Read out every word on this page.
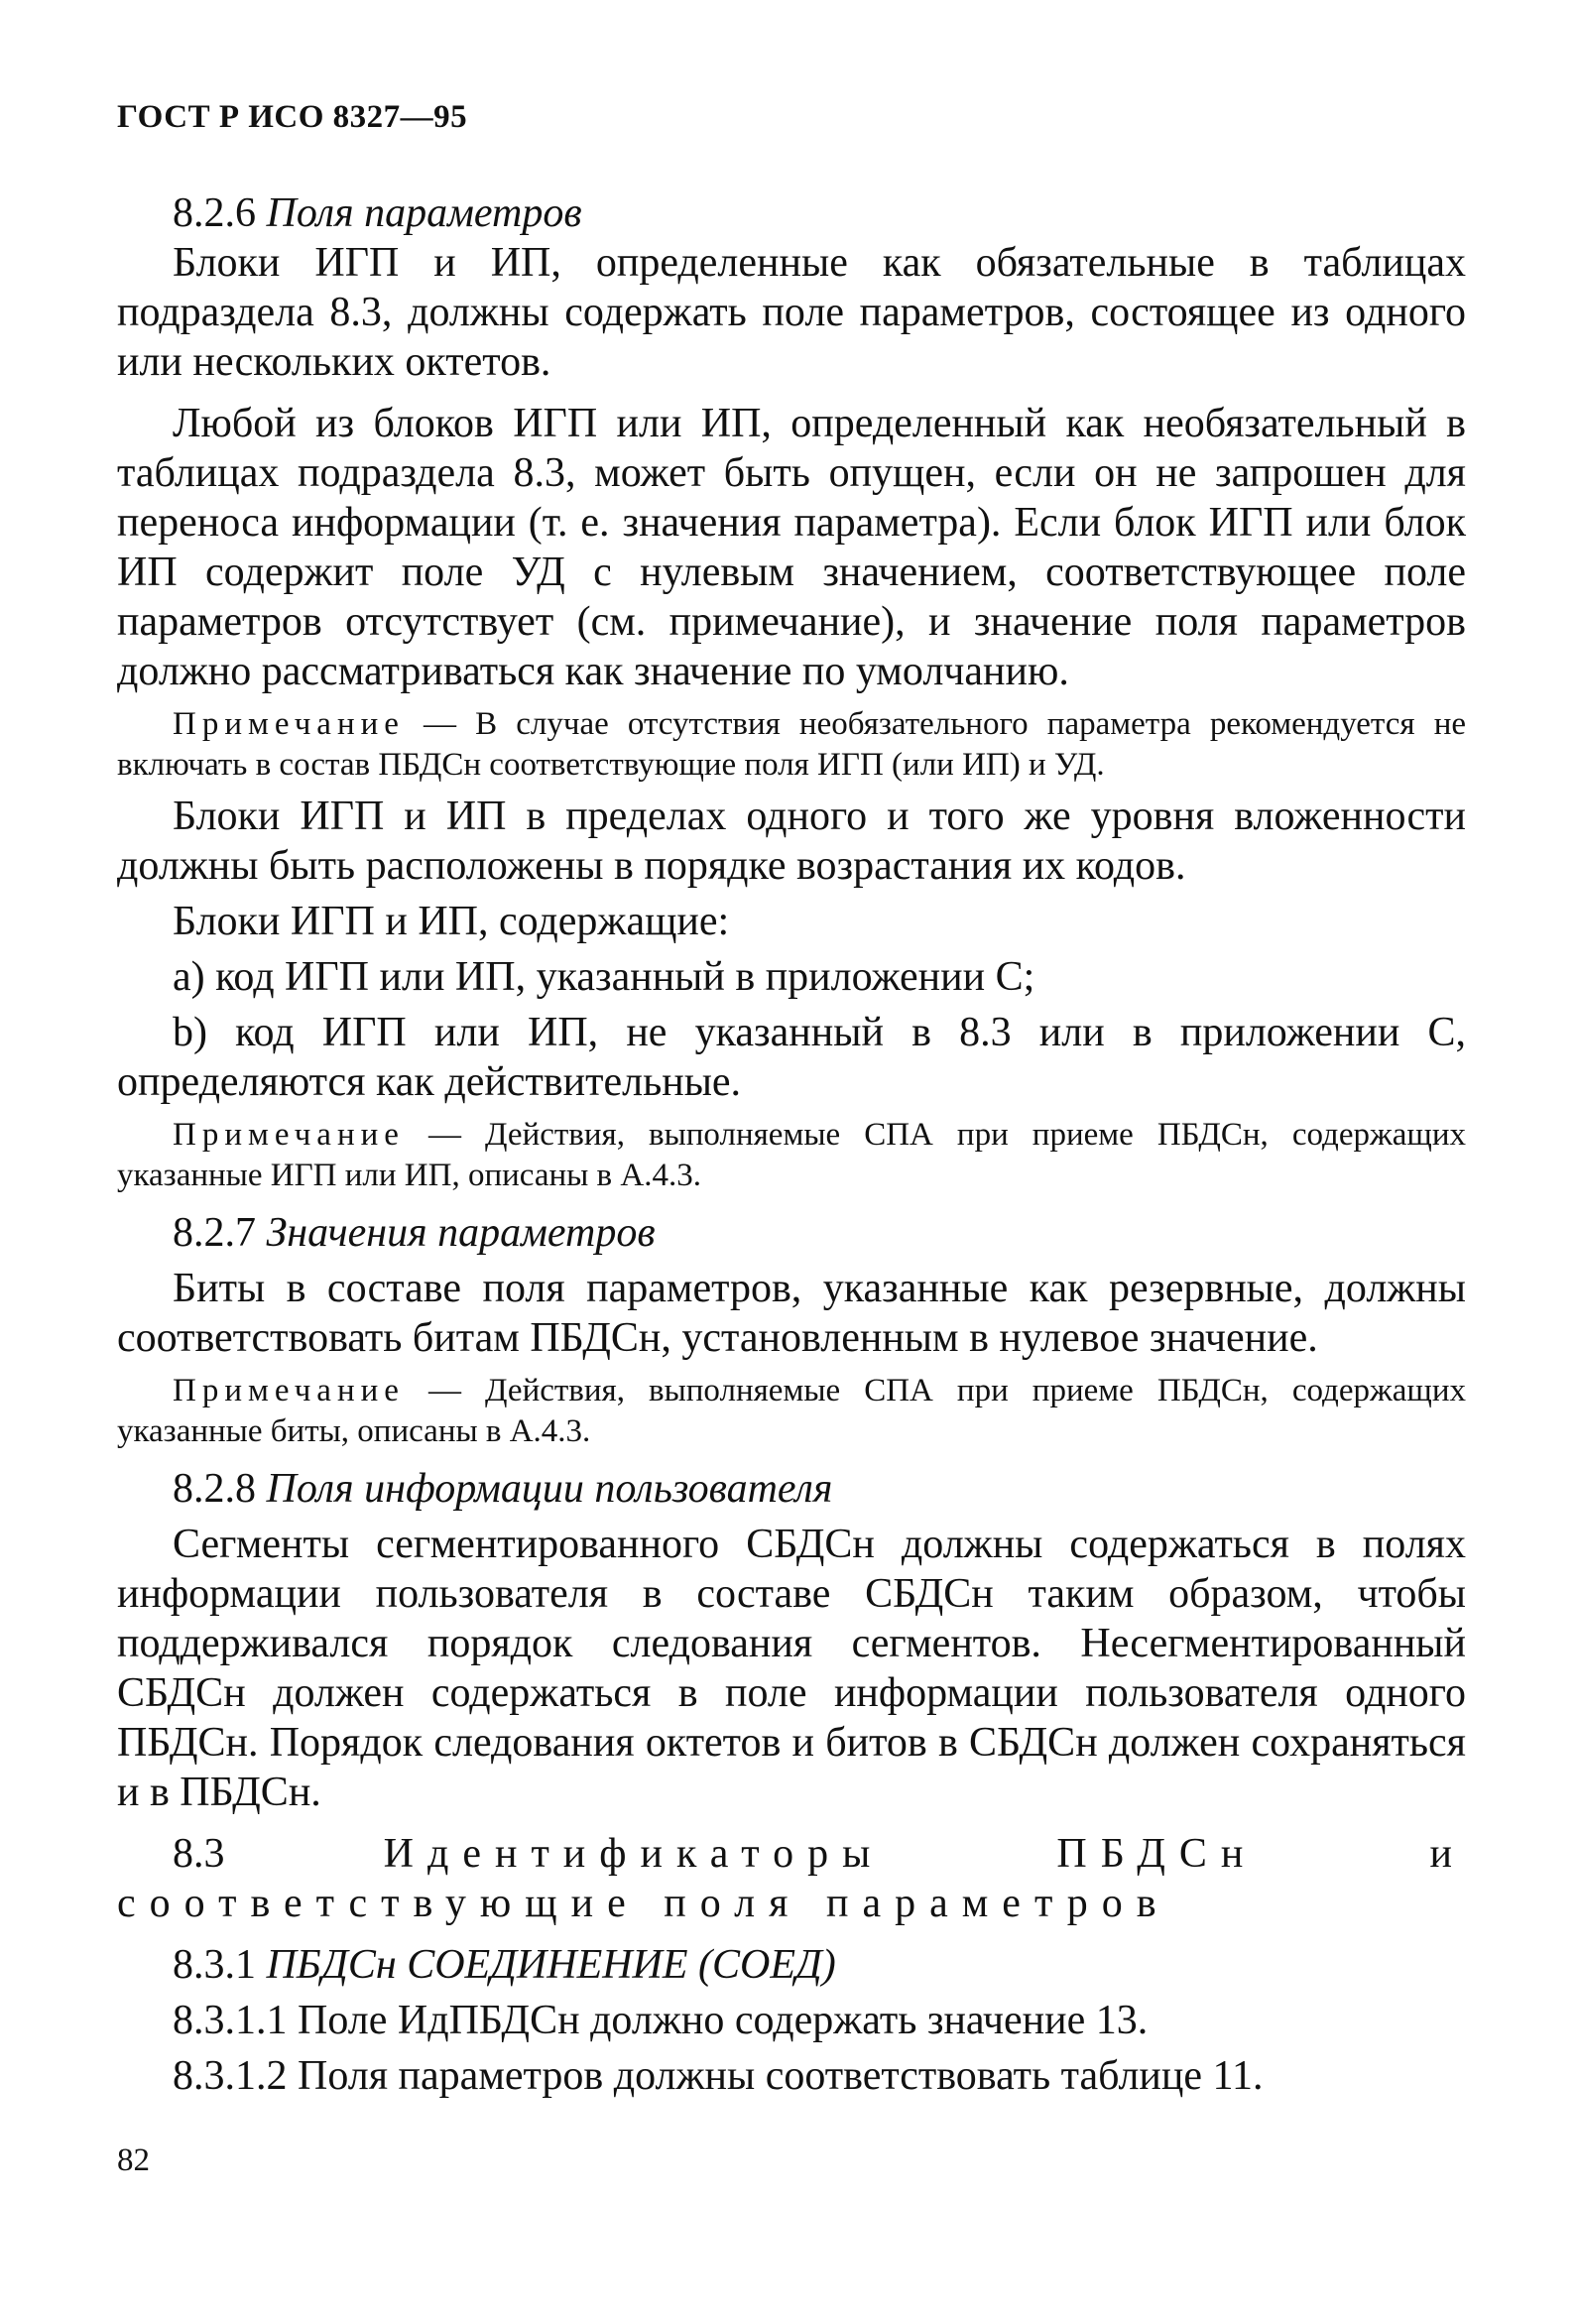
ГОСТ Р ИСО 8327—95

8.2.6 Поля параметров

Блоки ИГП и ИП, определенные как обязательные в таблицах подраздела 8.3, должны содержать поле параметров, состоящее из одного или нескольких октетов.

Любой из блоков ИГП или ИП, определенный как необязательный в таблицах подраздела 8.3, может быть опущен, если он не запрошен для переноса информации (т. е. значения параметра). Если блок ИГП или блок ИП содержит поле УД с нулевым значением, соответствующее поле параметров отсутствует (см. примечание), и значение поля параметров должно рассматриваться как значение по умолчанию.

Примечание — В случае отсутствия необязательного параметра рекомендуется не включать в состав ПБДСн соответствующие поля ИГП (или ИП) и УД.

Блоки ИГП и ИП в пределах одного и того же уровня вложенности должны быть расположены в порядке возрастания их кодов.

Блоки ИГП и ИП, содержащие:

а) код ИГП или ИП, указанный в приложении С;

b) код ИГП или ИП, не указанный в 8.3 или в приложении С, определяются как действительные.

Примечание — Действия, выполняемые СПА при приеме ПБДСн, содержащих указанные ИГП или ИП, описаны в А.4.3.

8.2.7 Значения параметров

Биты в составе поля параметров, указанные как резервные, должны соответствовать битам ПБДСн, установленным в нулевое значение.

Примечание — Действия, выполняемые СПА при приеме ПБДСн, содержащих указанные биты, описаны в А.4.3.

8.2.8 Поля информации пользователя

Сегменты сегментированного СБДСн должны содержаться в полях информации пользователя в составе СБДСн таким образом, чтобы поддерживался порядок следования сегментов. Несегментированный СБДСн должен содержаться в поле информации пользователя одного ПБДСн. Порядок следования октетов и битов в СБДСн должен сохраняться и в ПБДСн.

8.3	Идентификаторы ПБДСн и соответствующие поля параметров

8.3.1 ПБДСн СОЕДИНЕНИЕ (СОЕД)

8.3.1.1 Поле ИдПБДСн должно содержать значение 13.

8.3.1.2 Поля параметров должны соответствовать таблице 11.

82
